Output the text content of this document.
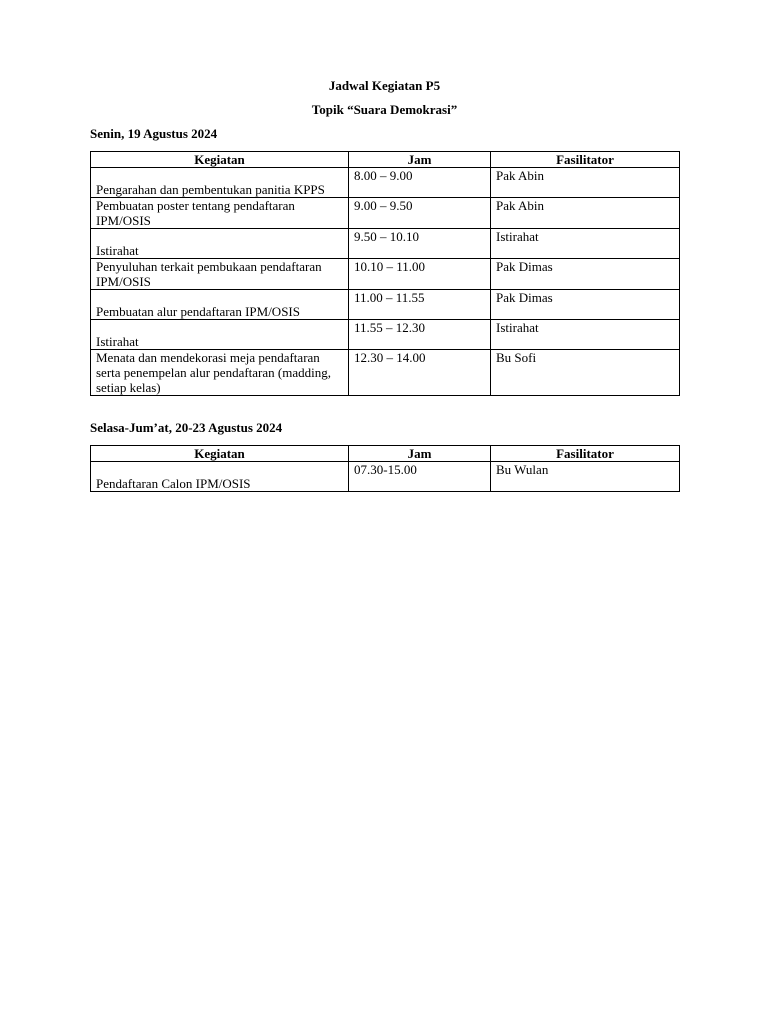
Jadwal Kegiatan P5

Topik “Suara Demokrasi”

Senin, 19 Agustus 2024

Kegiatan	Jam	Fasilitator
Pengarahan dan pembentukan panitia KPPS	8.00 – 9.00	Pak Abin
Pembuatan poster tentang pendaftaran IPM/OSIS	9.00 – 9.50	Pak Abin
Istirahat	9.50 – 10.10	Istirahat
Penyuluhan terkait pembukaan pendaftaran IPM/OSIS	10.10 – 11.00	Pak Dimas
Pembuatan alur pendaftaran IPM/OSIS	11.00 – 11.55	Pak Dimas
Istirahat	11.55 – 12.30	Istirahat
Menata dan mendekorasi meja pendaftaran serta penempelan alur pendaftaran (madding, setiap kelas)	12.30 – 14.00	Bu Sofi

Selasa-Jum’at, 20-23 Agustus 2024

Kegiatan	Jam	Fasilitator
Pendaftaran Calon IPM/OSIS	07.30-15.00	Bu Wulan
